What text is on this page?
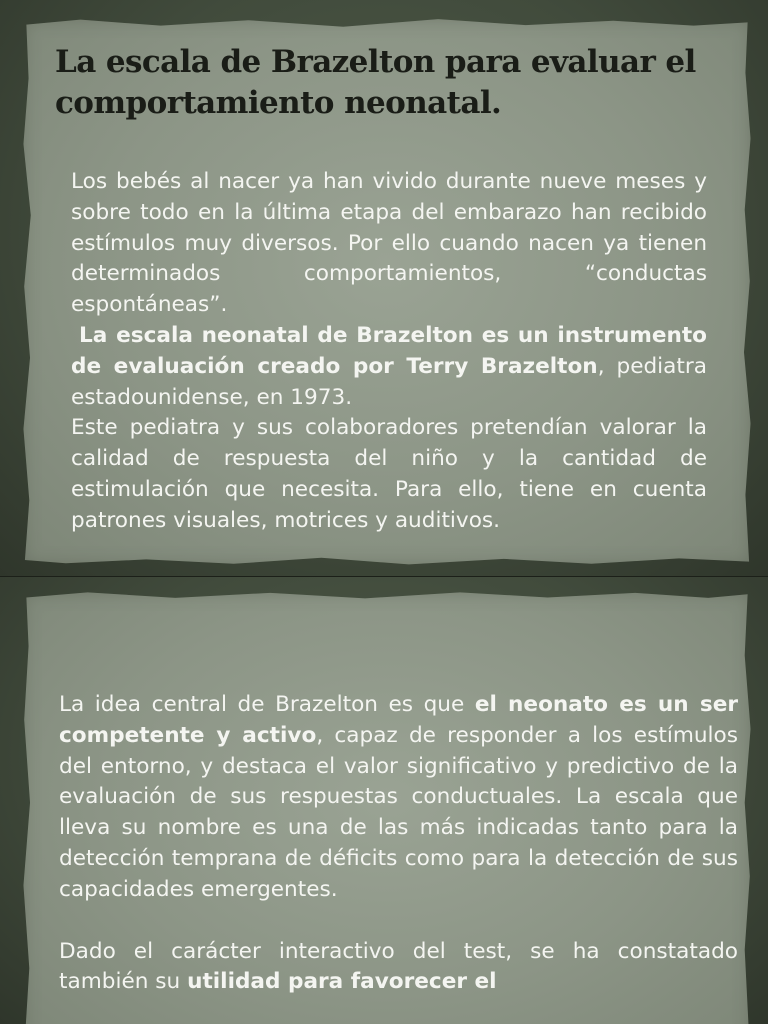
La escala de Brazelton para evaluar el comportamiento neonatal.

Los bebés al nacer ya han vivido durante nueve meses y sobre todo en la última etapa del embarazo han recibido estímulos muy diversos. Por ello cuando nacen ya tienen determinados comportamientos, “conductas espontáneas”.

La escala neonatal de Brazelton es un instrumento de evaluación creado por Terry Brazelton, pediatra estadounidense, en 1973.

Este pediatra y sus colaboradores pretendían valorar la calidad de respuesta del niño y la cantidad de estimulación que necesita. Para ello, tiene en cuenta patrones visuales, motrices y auditivos.

La idea central de Brazelton es que el neonato es un ser competente y activo, capaz de responder a los estímulos del entorno, y destaca el valor significativo y predictivo de la evaluación de sus respuestas conductuales. La escala que lleva su nombre es una de las más indicadas tanto para la detección temprana de déficits como para la detección de sus capacidades emergentes.

Dado el carácter interactivo del test, se ha constatado también su utilidad para favorecer el
